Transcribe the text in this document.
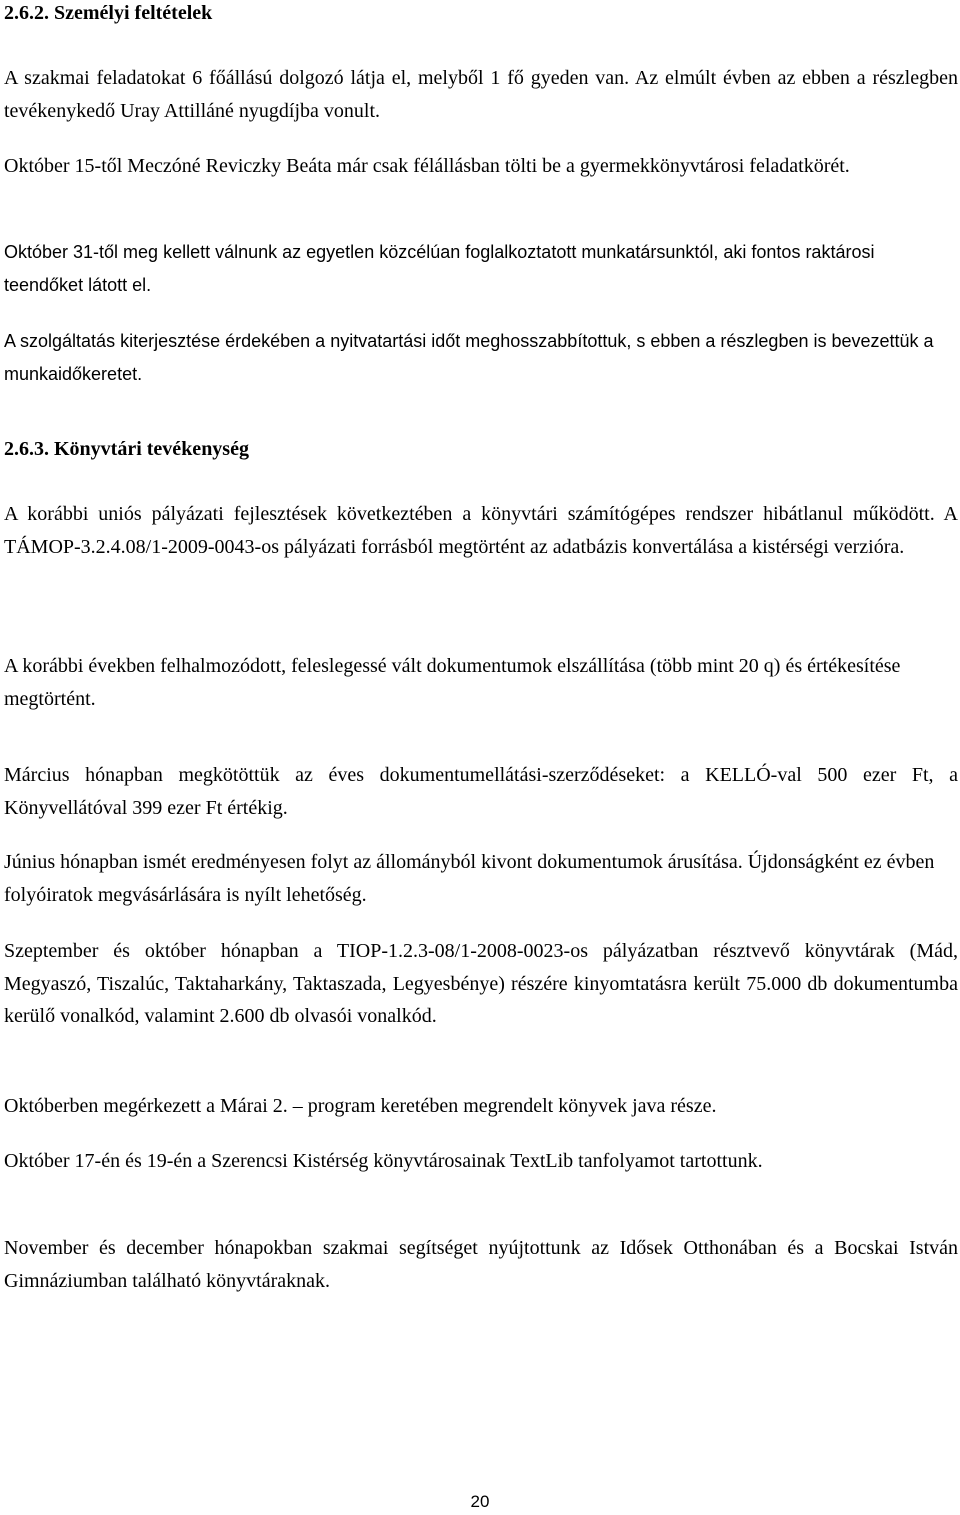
2.6.2. Személyi feltételek

A szakmai feladatokat 6 főállású dolgozó látja el, melyből 1 fő gyeden van. Az elmúlt évben az ebben a részlegben tevékenykedő Uray Attilláné nyugdíjba vonult.

Október 15-től Meczóné Reviczky Beáta már csak félállásban tölti be a gyermekkönyvtárosi feladatkörét.

Október 31-től meg kellett válnunk az egyetlen közcélúan foglalkoztatott munkatársunktól, aki fontos raktárosi teendőket látott el.

A szolgáltatás kiterjesztése érdekében a nyitvatartási időt meghosszabbítottuk, s ebben a részlegben is bevezettük a munkaidőkeretet.

2.6.3. Könyvtári tevékenység

A korábbi uniós pályázati fejlesztések következtében a könyvtári számítógépes rendszer hibátlanul működött. A TÁMOP-3.2.4.08/1-2009-0043-os pályázati forrásból megtörtént az adatbázis konvertálása a kistérségi verzióra.

A korábbi években felhalmozódott, feleslegessé vált dokumentumok elszállítása (több mint 20 q) és értékesítése megtörtént.

Március hónapban megkötöttük az éves dokumentumellátási-szerződéseket: a KELLÓ-val 500 ezer Ft, a Könyvellátóval 399 ezer Ft értékig.

Június hónapban ismét eredményesen folyt az állományból kivont dokumentumok árusítása. Újdonságként ez évben folyóiratok megvásárlására is nyílt lehetőség.

Szeptember és október hónapban a TIOP-1.2.3-08/1-2008-0023-os pályázatban résztvevő könyvtárak (Mád, Megyaszó, Tiszalúc, Taktaharkány, Taktaszada, Legyesbénye) részére kinyomtatásra került 75.000 db dokumentumba kerülő vonalkód, valamint 2.600 db olvasói vonalkód.

Októberben megérkezett a Márai 2. – program keretében megrendelt könyvek java része.

Október 17-én és 19-én a Szerencsi Kistérség könyvtárosainak TextLib tanfolyamot tartottunk.

November és december hónapokban szakmai segítséget nyújtottunk az Idősek Otthonában és a Bocskai István Gimnáziumban található könyvtáraknak.

20
